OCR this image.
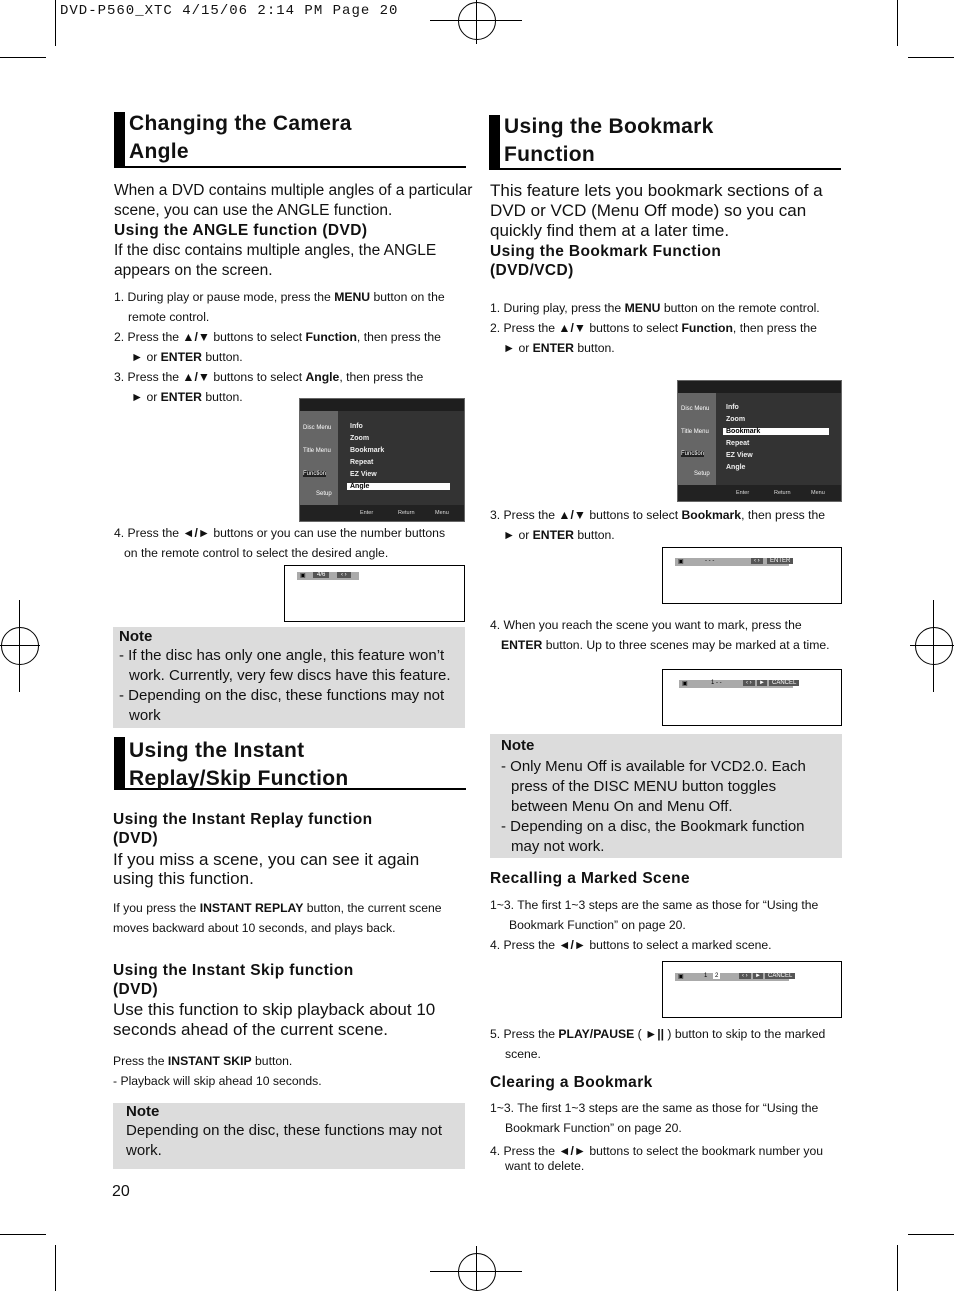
DVD-P560_XTC 4/15/06 2:14 PM Page 20
Changing the Camera
Angle
When a DVD contains multiple angles of a particular
scene, you can use the ANGLE function.
Using the ANGLE function (DVD)
If the disc contains multiple angles, the ANGLE
appears on the screen.
1. During play or pause mode, press the MENU button on the
remote control.
2. Press the ▲/▼ buttons to select Function, then press the
► or ENTER button.
3. Press the ▲/▼ buttons to select Angle, then press the
► or ENTER button.
Disc Menu
Title Menu
Function
Setup
Info
Zoom
Bookmark
Repeat
EZ View
Angle
Enter	Return	Menu
4. Press the ◄/► buttons or you can use the number buttons
on the remote control to select the desired angle.
▣	4/6	‹ ›
Note
- If the disc has only one angle, this feature won’t
work. Currently, very few discs have this feature.
- Depending on the disc, these functions may not
work
Using the Instant
Replay/Skip Function
Using the Instant Replay function
(DVD)
If you miss a scene, you can see it again
using this function.
If you press the INSTANT REPLAY button, the current scene
moves backward about 10 seconds, and plays back.
Using the Instant Skip function
(DVD)
Use this function to skip playback about 10
seconds ahead of the current scene.
Press the INSTANT SKIP button.
- Playback will skip ahead 10 seconds.
Note
Depending on the disc, these functions may not
work.
20
Using the Bookmark
Function
This feature lets you bookmark sections of a
DVD or VCD (Menu Off mode) so you can
quickly find them at a later time.
Using the Bookmark Function
(DVD/VCD)
1. During play, press the MENU button on the remote control.
2. Press the ▲/▼ buttons to select Function, then press the
► or ENTER button.
Disc Menu
Title Menu
Function
Setup
Info
Zoom
Bookmark
Repeat
EZ View
Angle
Enter	Return	Menu
3. Press the ▲/▼ buttons to select Bookmark, then press the
► or ENTER button.
▣	- - -	‹ ›	ENTER
4. When you reach the scene you want to mark, press the
ENTER button. Up to three scenes may be marked at a time.
▣	1 - -	‹ ›	►	CANCEL
Note
- Only Menu Off is available for VCD2.0. Each
press of the DISC MENU button toggles
between Menu On and Menu Off.
- Depending on a disc, the Bookmark function
may not work.
Recalling a Marked Scene
1~3. The first 1~3 steps are the same as those for “Using the
Bookmark Function” on page 20.
4. Press the ◄/► buttons to select a marked scene.
▣	1	2	‹ ›	►	CANCEL
5. Press the PLAY/PAUSE ( ►|| ) button to skip to the marked
scene.
Clearing a Bookmark
1~3. The first 1~3 steps are the same as those for “Using the
Bookmark Function” on page 20.
4. Press the ◄/► buttons to select the bookmark number you
want to delete.
